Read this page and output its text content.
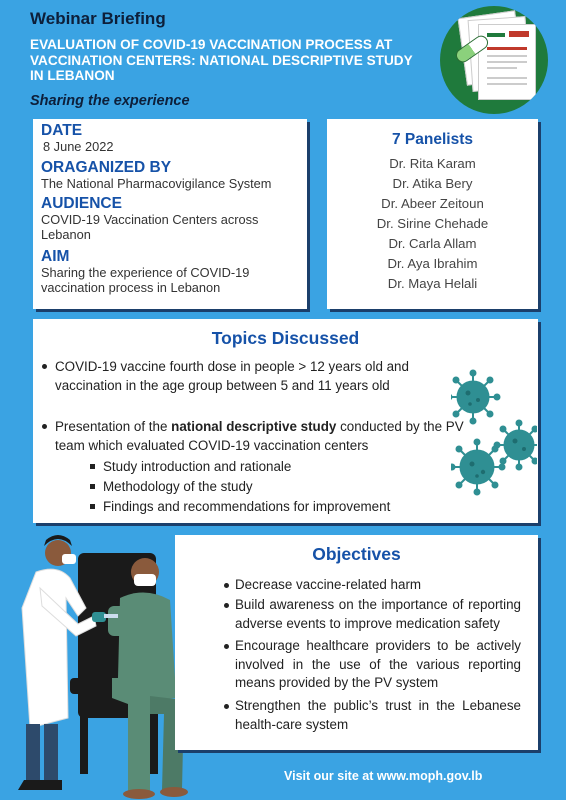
Webinar Briefing
EVALUATION OF COVID-19 VACCINATION PROCESS AT VACCINATION CENTERS: NATIONAL DESCRIPTIVE STUDY IN LEBANON
Sharing the experience
DATE
8 June 2022
ORAGANIZED BY
The National Pharmacovigilance System
AUDIENCE
COVID-19 Vaccination Centers across Lebanon
AIM
Sharing the experience of COVID-19 vaccination process in Lebanon
7 Panelists
Dr. Rita Karam
Dr. Atika Bery
Dr. Abeer Zeitoun
Dr. Sirine Chehade
Dr. Carla Allam
Dr. Aya Ibrahim
Dr. Maya Helali
Topics Discussed
COVID-19 vaccine fourth dose in people > 12 years old and vaccination in the age group between 5 and 11 years old
Presentation of the national descriptive study conducted by the PV team which evaluated COVID-19 vaccination centers
Study introduction and rationale
Methodology of the study
Findings and recommendations for improvement
Objectives
Decrease vaccine-related harm
Build awareness on the importance of reporting adverse events to improve medication safety
Encourage healthcare providers to be actively involved in the use of the various reporting means provided by the PV system
Strengthen the public’s trust in the Lebanese health-care system
Visit our site at www.moph.gov.lb
